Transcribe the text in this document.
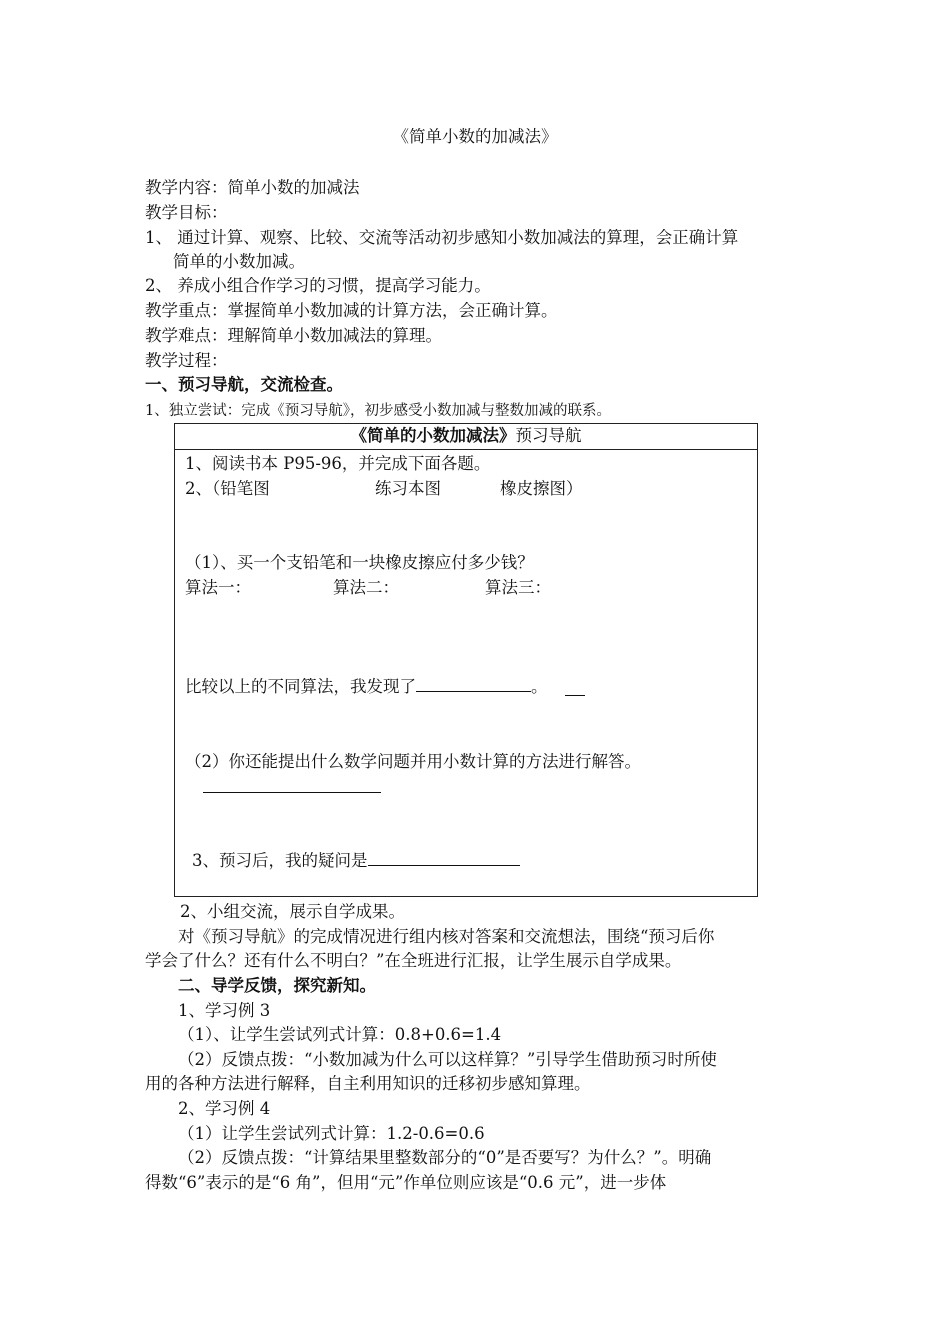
《简单小数的加减法》
教学内容：简单小数的加减法
教学目标：
1、 通过计算、观察、比较、交流等活动初步感知小数加减法的算理，会正确计算
简单的小数加减。
2、 养成小组合作学习的习惯，提高学习能力。
教学重点：掌握简单小数加减的计算方法，会正确计算。
教学难点：理解简单小数加减法的算理。
教学过程：
一、预习导航，交流检查。
1、独立尝试：完成《预习导航》，初步感受小数加减与整数加减的联系。
《简单的小数加减法》预习导航
1、阅读书本 P95-96，并完成下面各题。
2、（铅笔图	练习本图	橡皮擦图）
（1）、买一个支铅笔和一块橡皮擦应付多少钱？
算法一：	算法二：	算法三：
比较以上的不同算法，我发现了	。
（2）你还能提出什么数学问题并用小数计算的方法进行解答。
3、预习后，我的疑问是
2、小组交流，展示自学成果。
对《预习导航》的完成情况进行组内核对答案和交流想法，围绕“预习后你
学会了什么？还有什么不明白？”在全班进行汇报，让学生展示自学成果。
二、导学反馈，探究新知。
1、学习例 3
（1）、让学生尝试列式计算：0.8+0.6=1.4
（2）反馈点拨：“小数加减为什么可以这样算？”引导学生借助预习时所使
用的各种方法进行解释，自主利用知识的迁移初步感知算理。
2、学习例 4
（1）让学生尝试列式计算：1.2-0.6=0.6
（2）反馈点拨：“计算结果里整数部分的“0”是否要写？为什么？”。明确
得数“6”表示的是“6 角”，但用“元”作单位则应该是“0.6 元”，进一步体
